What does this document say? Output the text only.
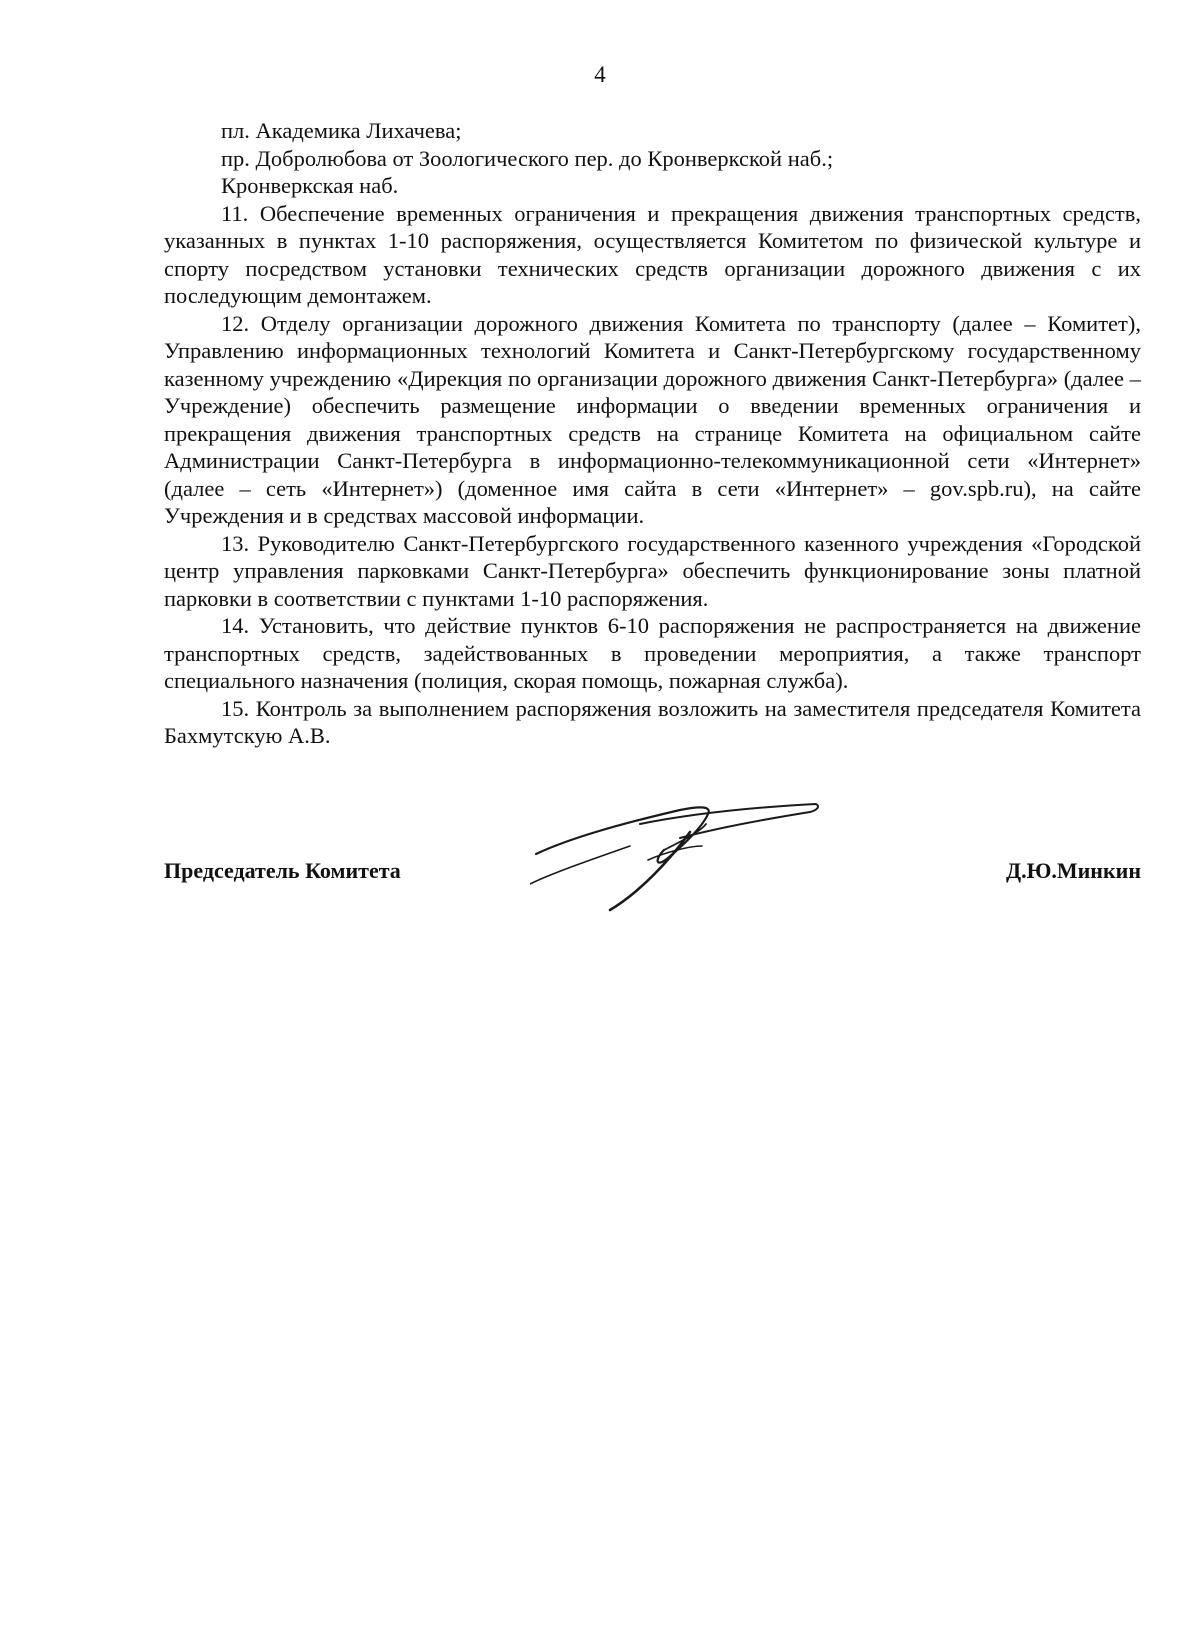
4

пл. Академика Лихачева;

пр. Добролюбова от Зоологического пер. до Кронверкской наб.;

Кронверкская наб.

11. Обеспечение временных ограничения и прекращения движения транспортных средств, указанных в пунктах 1-10 распоряжения, осуществляется Комитетом по физической культуре и спорту посредством установки технических средств организации дорожного движения с их последующим демонтажем.

12. Отделу организации дорожного движения Комитета по транспорту (далее – Комитет), Управлению информационных технологий Комитета и Санкт-Петербургскому государственному казенному учреждению «Дирекция по организации дорожного движения Санкт-Петербурга» (далее – Учреждение) обеспечить размещение информации о введении временных ограничения и прекращения движения транспортных средств на странице Комитета на официальном сайте Администрации Санкт-Петербурга в информационно-телекоммуникационной сети «Интернет» (далее – сеть «Интернет») (доменное имя сайта в сети «Интернет» – gov.spb.ru), на сайте Учреждения и в средствах массовой информации.

13. Руководителю Санкт-Петербургского государственного казенного учреждения «Городской центр управления парковками Санкт-Петербурга» обеспечить функционирование зоны платной парковки в соответствии с пунктами 1-10 распоряжения.

14. Установить, что действие пунктов 6-10 распоряжения не распространяется на движение транспортных средств, задействованных в проведении мероприятия, а также транспорт специального назначения (полиция, скорая помощь, пожарная служба).

15. Контроль за выполнением распоряжения возложить на заместителя председателя Комитета Бахмутскую А.В.

Председатель Комитета	Д.Ю.Минкин
